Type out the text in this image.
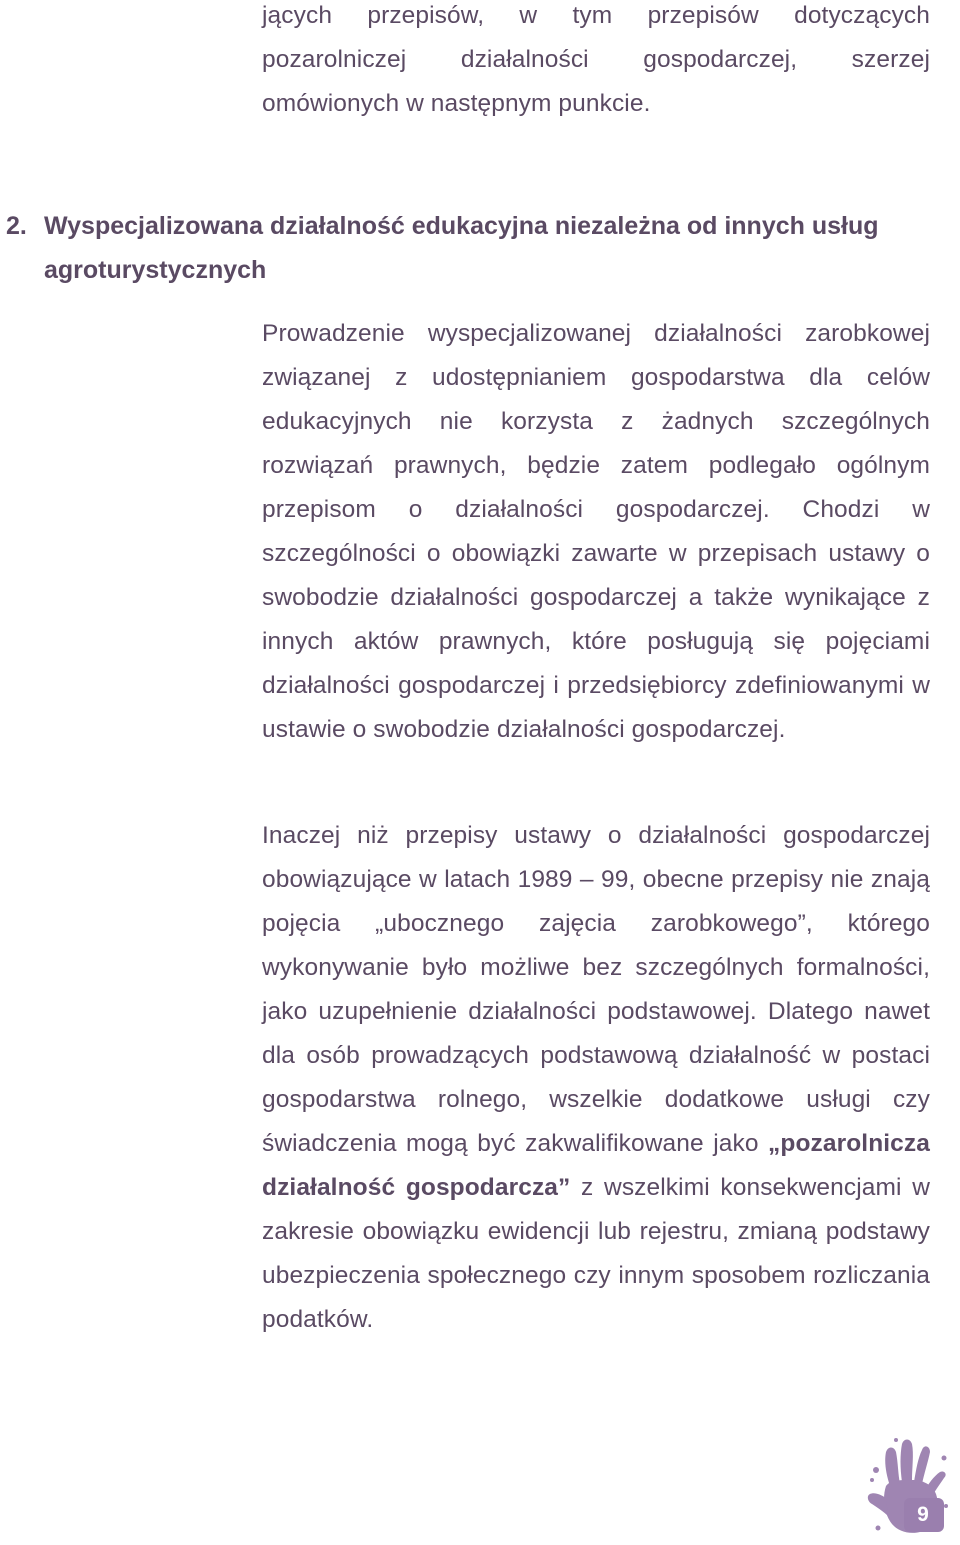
jących przepisów, w tym przepisów dotyczących pozarolniczej działalności gospodarczej, szerzej omówionych w następnym punkcie.

2. Wyspecjalizowana działalność edukacyjna niezależna od innych usług
agroturystycznych

Prowadzenie wyspecjalizowanej działalności zarobkowej związanej z udostępnianiem gospodarstwa dla celów edukacyjnych nie korzysta z żadnych szczególnych rozwiązań prawnych, będzie zatem podlegało ogólnym przepisom o działalności gospodarczej. Chodzi w szczególności o obowiązki zawarte w przepisach ustawy o swobodzie działalności gospodarczej a także wynikające z innych aktów prawnych, które posługują się pojęciami działalności gospodarczej i przedsiębiorcy zdefiniowanymi w ustawie o swobodzie działalności gospodarczej.

Inaczej niż przepisy ustawy o działalności gospodarczej obowiązujące w latach 1989 – 99, obecne przepisy nie znają pojęcia „ubocznego zajęcia zarobkowego”, którego wykonywanie było możliwe bez szczególnych formalności, jako uzupełnienie działalności podstawowej. Dlatego nawet dla osób prowadzących podstawową działalność w postaci gospodarstwa rolnego, wszelkie dodatkowe usługi czy świadczenia mogą być zakwalifikowane jako „pozarolnicza działalność gospodarcza” z wszelkimi konsekwencjami w zakresie obowiązku ewidencji lub rejestru, zmianą podstawy ubezpieczenia społecznego czy innym sposobem rozliczania podatków.

9
